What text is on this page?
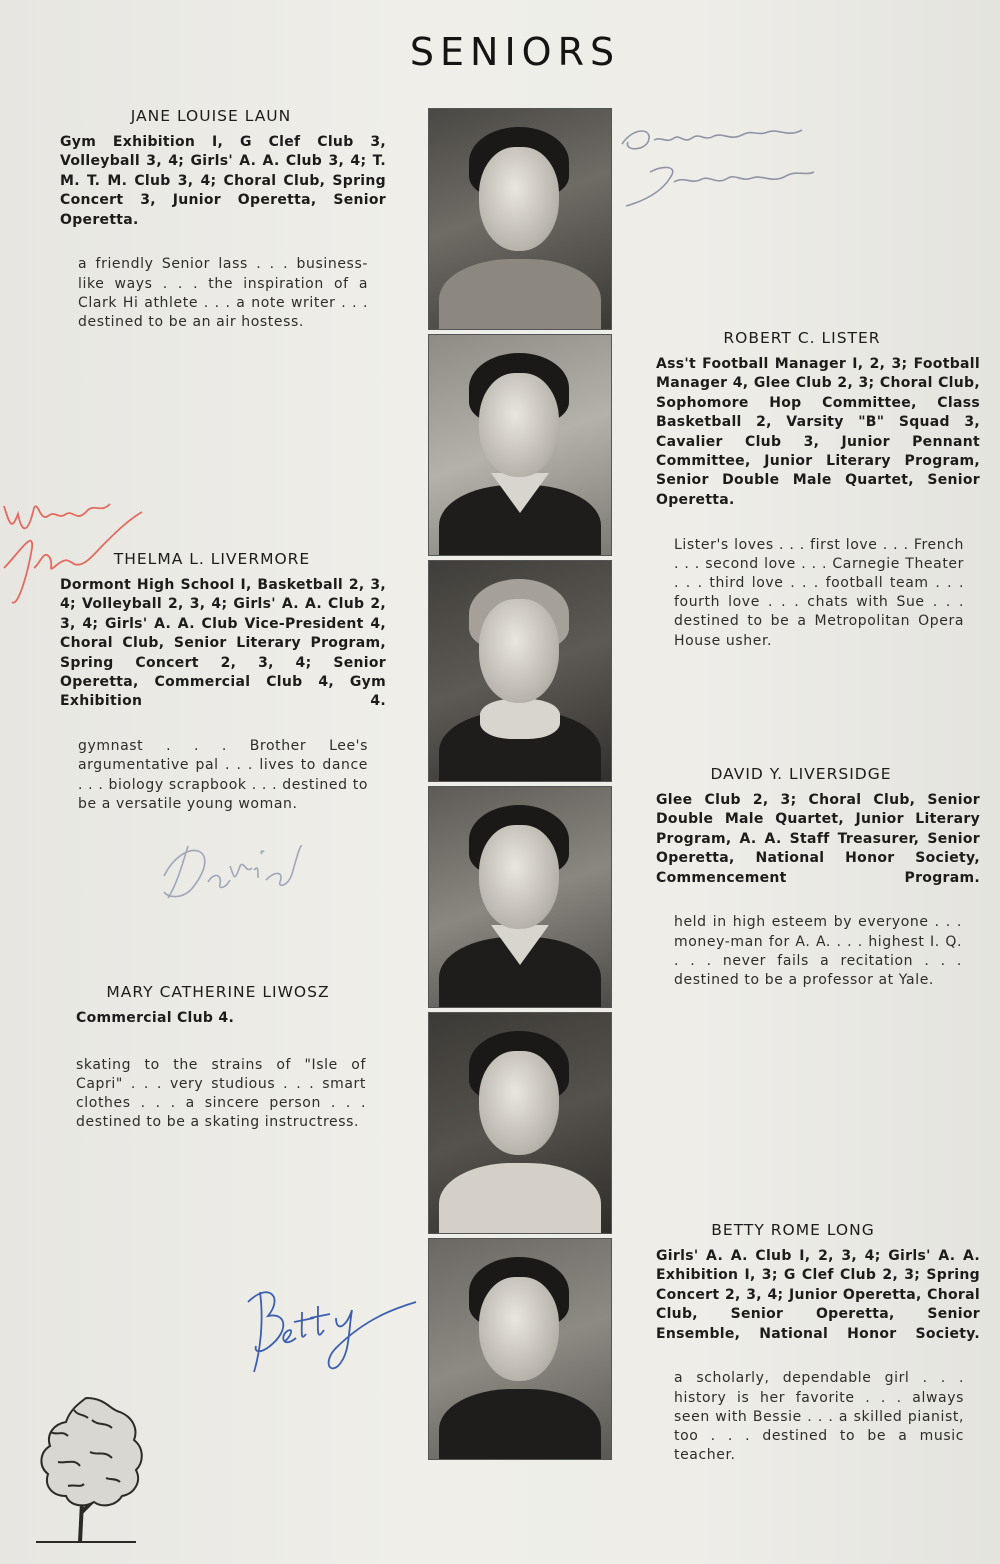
SENIORS
JANE LOUISE LAUN
Gym Exhibition I, G Clef Club 3, Volleyball 3, 4; Girls' A. A. Club 3, 4; T. M. T. M. Club 3, 4; Choral Club, Spring Concert 3, Junior Operetta, Senior Operetta.
a friendly Senior lass . . . business-like ways . . . the inspiration of a Clark Hi athlete . . . a note writer . . . destined to be an air hostess.
ROBERT C. LISTER
Ass't Football Manager I, 2, 3; Football Manager 4, Glee Club 2, 3; Choral Club, Sophomore Hop Committee, Class Basketball 2, Varsity "B" Squad 3, Cavalier Club 3, Junior Pennant Committee, Junior Literary Program, Senior Double Male Quartet, Senior Operetta.
Lister's loves . . . first love . . . French . . . second love . . . Carnegie Theater . . . third love . . . football team . . . fourth love . . . chats with Sue . . . destined to be a Metropolitan Opera House usher.
THELMA L. LIVERMORE
Dormont High School I, Basketball 2, 3, 4; Volleyball 2, 3, 4; Girls' A. A. Club 2, 3, 4; Girls' A. A. Club Vice-President 4, Choral Club, Senior Literary Program, Spring Concert 2, 3, 4; Senior Operetta, Commercial Club 4, Gym Exhibition 4.
gymnast . . . Brother Lee's argumentative pal . . . lives to dance . . . biology scrapbook . . . destined to be a versatile young woman.
DAVID Y. LIVERSIDGE
Glee Club 2, 3; Choral Club, Senior Double Male Quartet, Junior Literary Program, A. A. Staff Treasurer, Senior Operetta, National Honor Society, Commencement Program.
held in high esteem by everyone . . . money-man for A. A. . . . highest I. Q. . . . never fails a recitation . . . destined to be a professor at Yale.
MARY CATHERINE LIWOSZ
Commercial Club 4.
skating to the strains of "Isle of Capri" . . . very studious . . . smart clothes . . . a sincere person . . . destined to be a skating instructress.
BETTY ROME LONG
Girls' A. A. Club I, 2, 3, 4; Girls' A. A. Exhibition I, 3; G Clef Club 2, 3; Spring Concert 2, 3, 4; Junior Operetta, Choral Club, Senior Operetta, Senior Ensemble, National Honor Society.
a scholarly, dependable girl . . . history is her favorite . . . always seen with Bessie . . . a skilled pianist, too . . . destined to be a music teacher.
